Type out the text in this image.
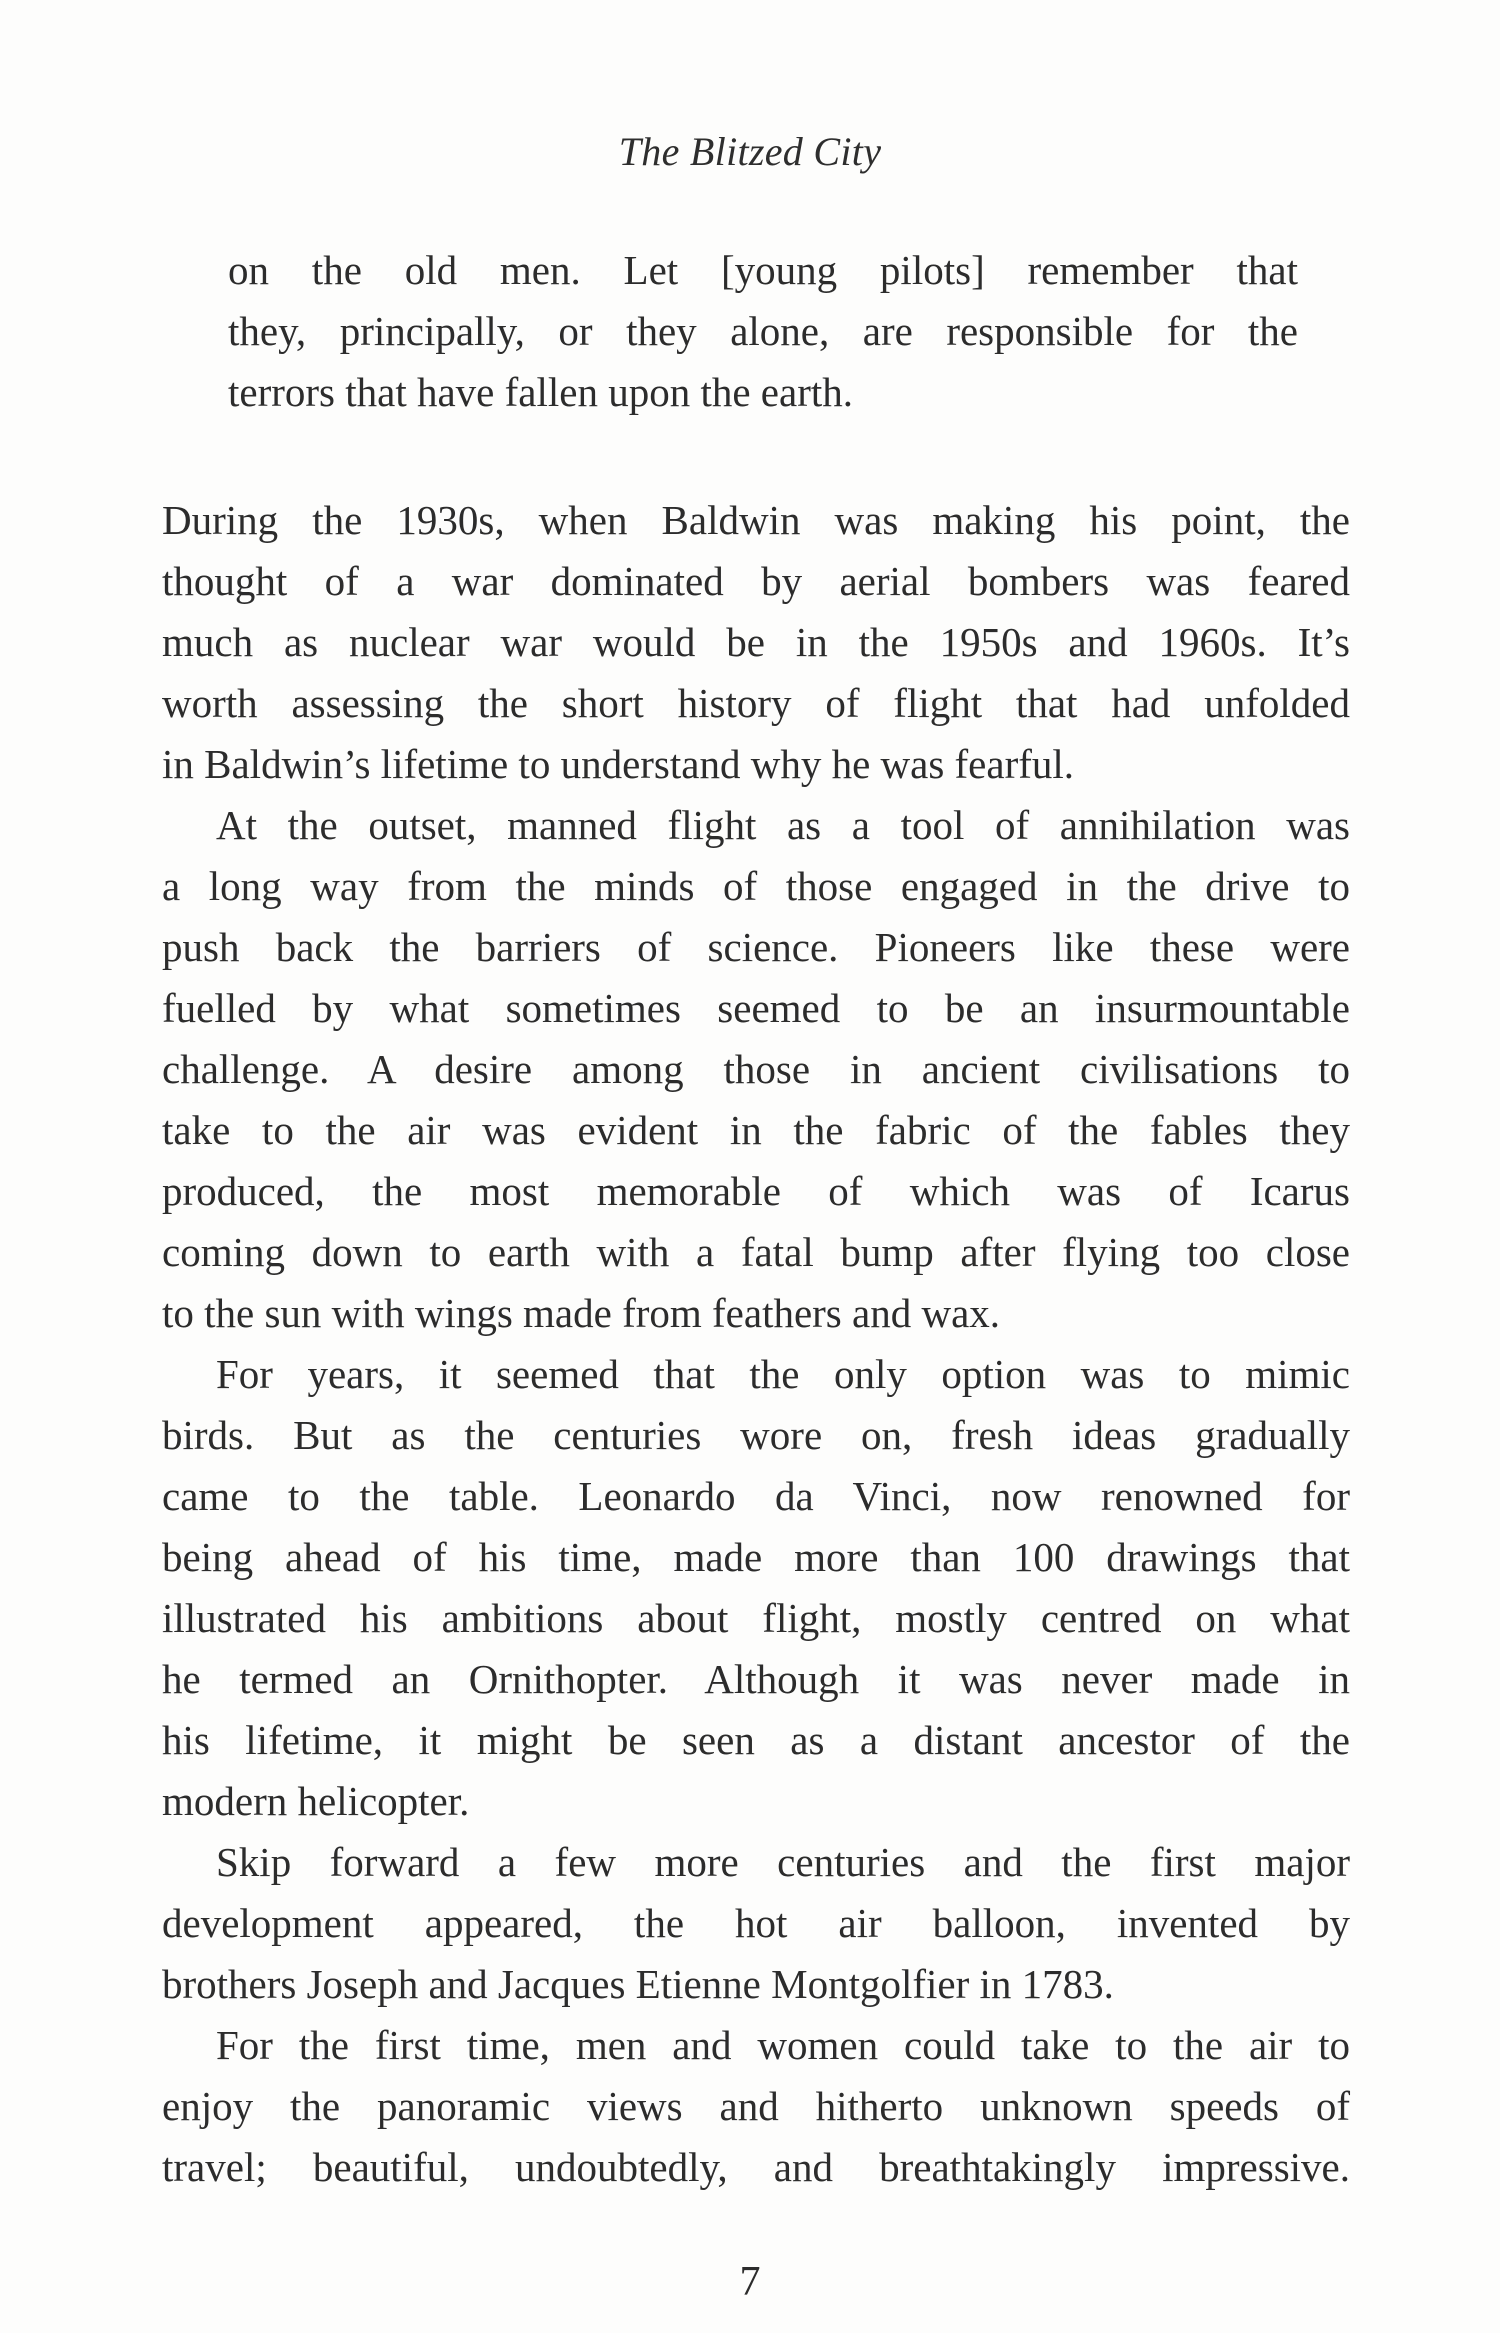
The Blitzed City
on the old men. Let [young pilots] remember that
they, principally, or they alone, are responsible for the
terrors that have fallen upon the earth.

During the 1930s, when Baldwin was making his point, the
thought of a war dominated by aerial bombers was feared
much as nuclear war would be in the 1950s and 1960s. It’s
worth assessing the short history of flight that had unfolded
in Baldwin’s lifetime to understand why he was fearful.

At the outset, manned flight as a tool of annihilation was
a long way from the minds of those engaged in the drive to
push back the barriers of science. Pioneers like these were
fuelled by what sometimes seemed to be an insurmountable
challenge. A desire among those in ancient civilisations to
take to the air was evident in the fabric of the fables they
produced, the most memorable of which was of Icarus
coming down to earth with a fatal bump after flying too close
to the sun with wings made from feathers and wax.

For years, it seemed that the only option was to mimic
birds. But as the centuries wore on, fresh ideas gradually
came to the table. Leonardo da Vinci, now renowned for
being ahead of his time, made more than 100 drawings that
illustrated his ambitions about flight, mostly centred on what
he termed an Ornithopter. Although it was never made in
his lifetime, it might be seen as a distant ancestor of the
modern helicopter.

Skip forward a few more centuries and the first major
development appeared, the hot air balloon, invented by
brothers Joseph and Jacques Etienne Montgolfier in 1783.

For the first time, men and women could take to the air to
enjoy the panoramic views and hitherto unknown speeds of
travel; beautiful, undoubtedly, and breathtakingly impressive.

7
